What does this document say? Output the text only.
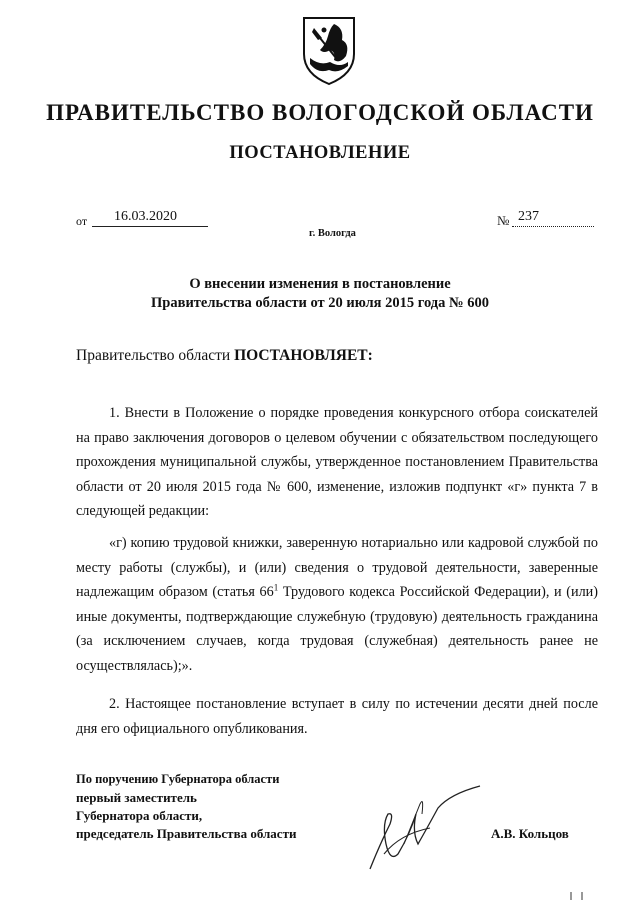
ПРАВИТЕЛЬСТВО ВОЛОГОДСКОЙ ОБЛАСТИ
ПОСТАНОВЛЕНИЕ
от	16.03.2020	№ 237
г. Вологда
О внесении изменения в постановление
Правительства области от 20 июля 2015 года № 600
Правительство области ПОСТАНОВЛЯЕТ:
1. Внести в Положение о порядке проведения конкурсного отбора соискателей на право заключения договоров о целевом обучении с обязательством последующего прохождения муниципальной службы, утвержденное постановлением Правительства области от 20 июля 2015 года № 600, изменение, изложив подпункт «г» пункта 7 в следующей редакции:
«г) копию трудовой книжки, заверенную нотариально или кадровой службой по месту работы (службы), и (или) сведения о трудовой деятельности, заверенные надлежащим образом (статья $66^1$ Трудового кодекса Российской Федерации), и (или) иные документы, подтверждающие служебную (трудовую) деятельность гражданина (за исключением случаев, когда трудовая (служебная) деятельность ранее не осуществлялась);».
2. Настоящее постановление вступает в силу по истечении десяти дней после дня его официального опубликования.
По поручению Губернатора области
первый заместитель
Губернатора области,
председатель Правительства области	А.В. Кольцов
